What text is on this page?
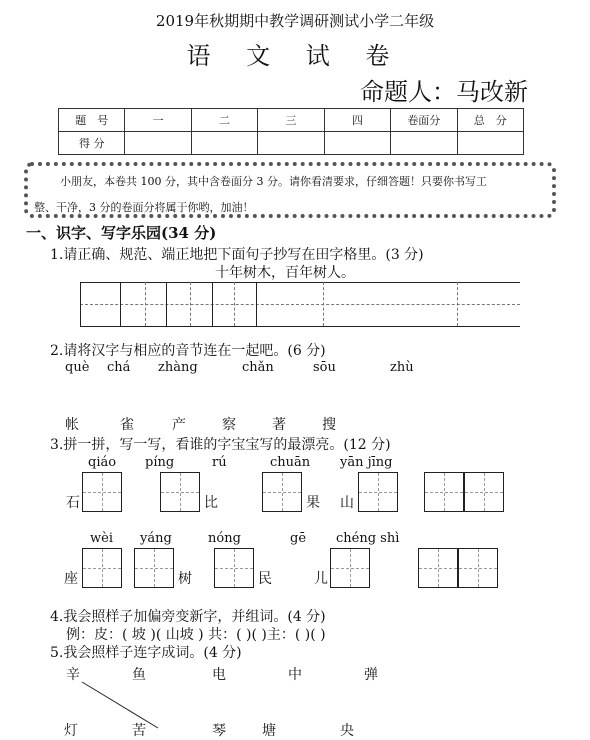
2019年秋期期中教学调研测试小学二年级
语 文 试 卷
命题人：马改新
题　号	一	二	三	四	卷面分	总　分
得 分						
小朋友，本卷共 100 分，其中含卷面分 3 分。请你看清要求，仔细答题！只要你书写工
整、干净，3 分的卷面分将属于你哟，加油！
一、识字、写字乐园(34 分)
1.请正确、规范、端正地把下面句子抄写在田字格里。(3 分)
十年树木，百年树人。
2.请将汉字与相应的音节连在一起吧。(6 分)
què chá zhàng	chǎn	sōu	zhù
帐	雀	产	察	著	搜
3.拼一拼，写一写，看谁的字宝宝写的最漂亮。(12 分)
qiáo píng	rú	chuān yān jīng
石	比	果 山
wèi yáng	nóng	gē chéng shì
座	树	民	儿
4.我会照样子加偏旁变新字，并组词。(4 分)
例：皮：( 坡 )( 山坡 ) 共：( )( )主：( )( )
5.我会照样子连字成词。(4 分)
辛	鱼	电	中	弹
灯	苦	琴	塘	央
